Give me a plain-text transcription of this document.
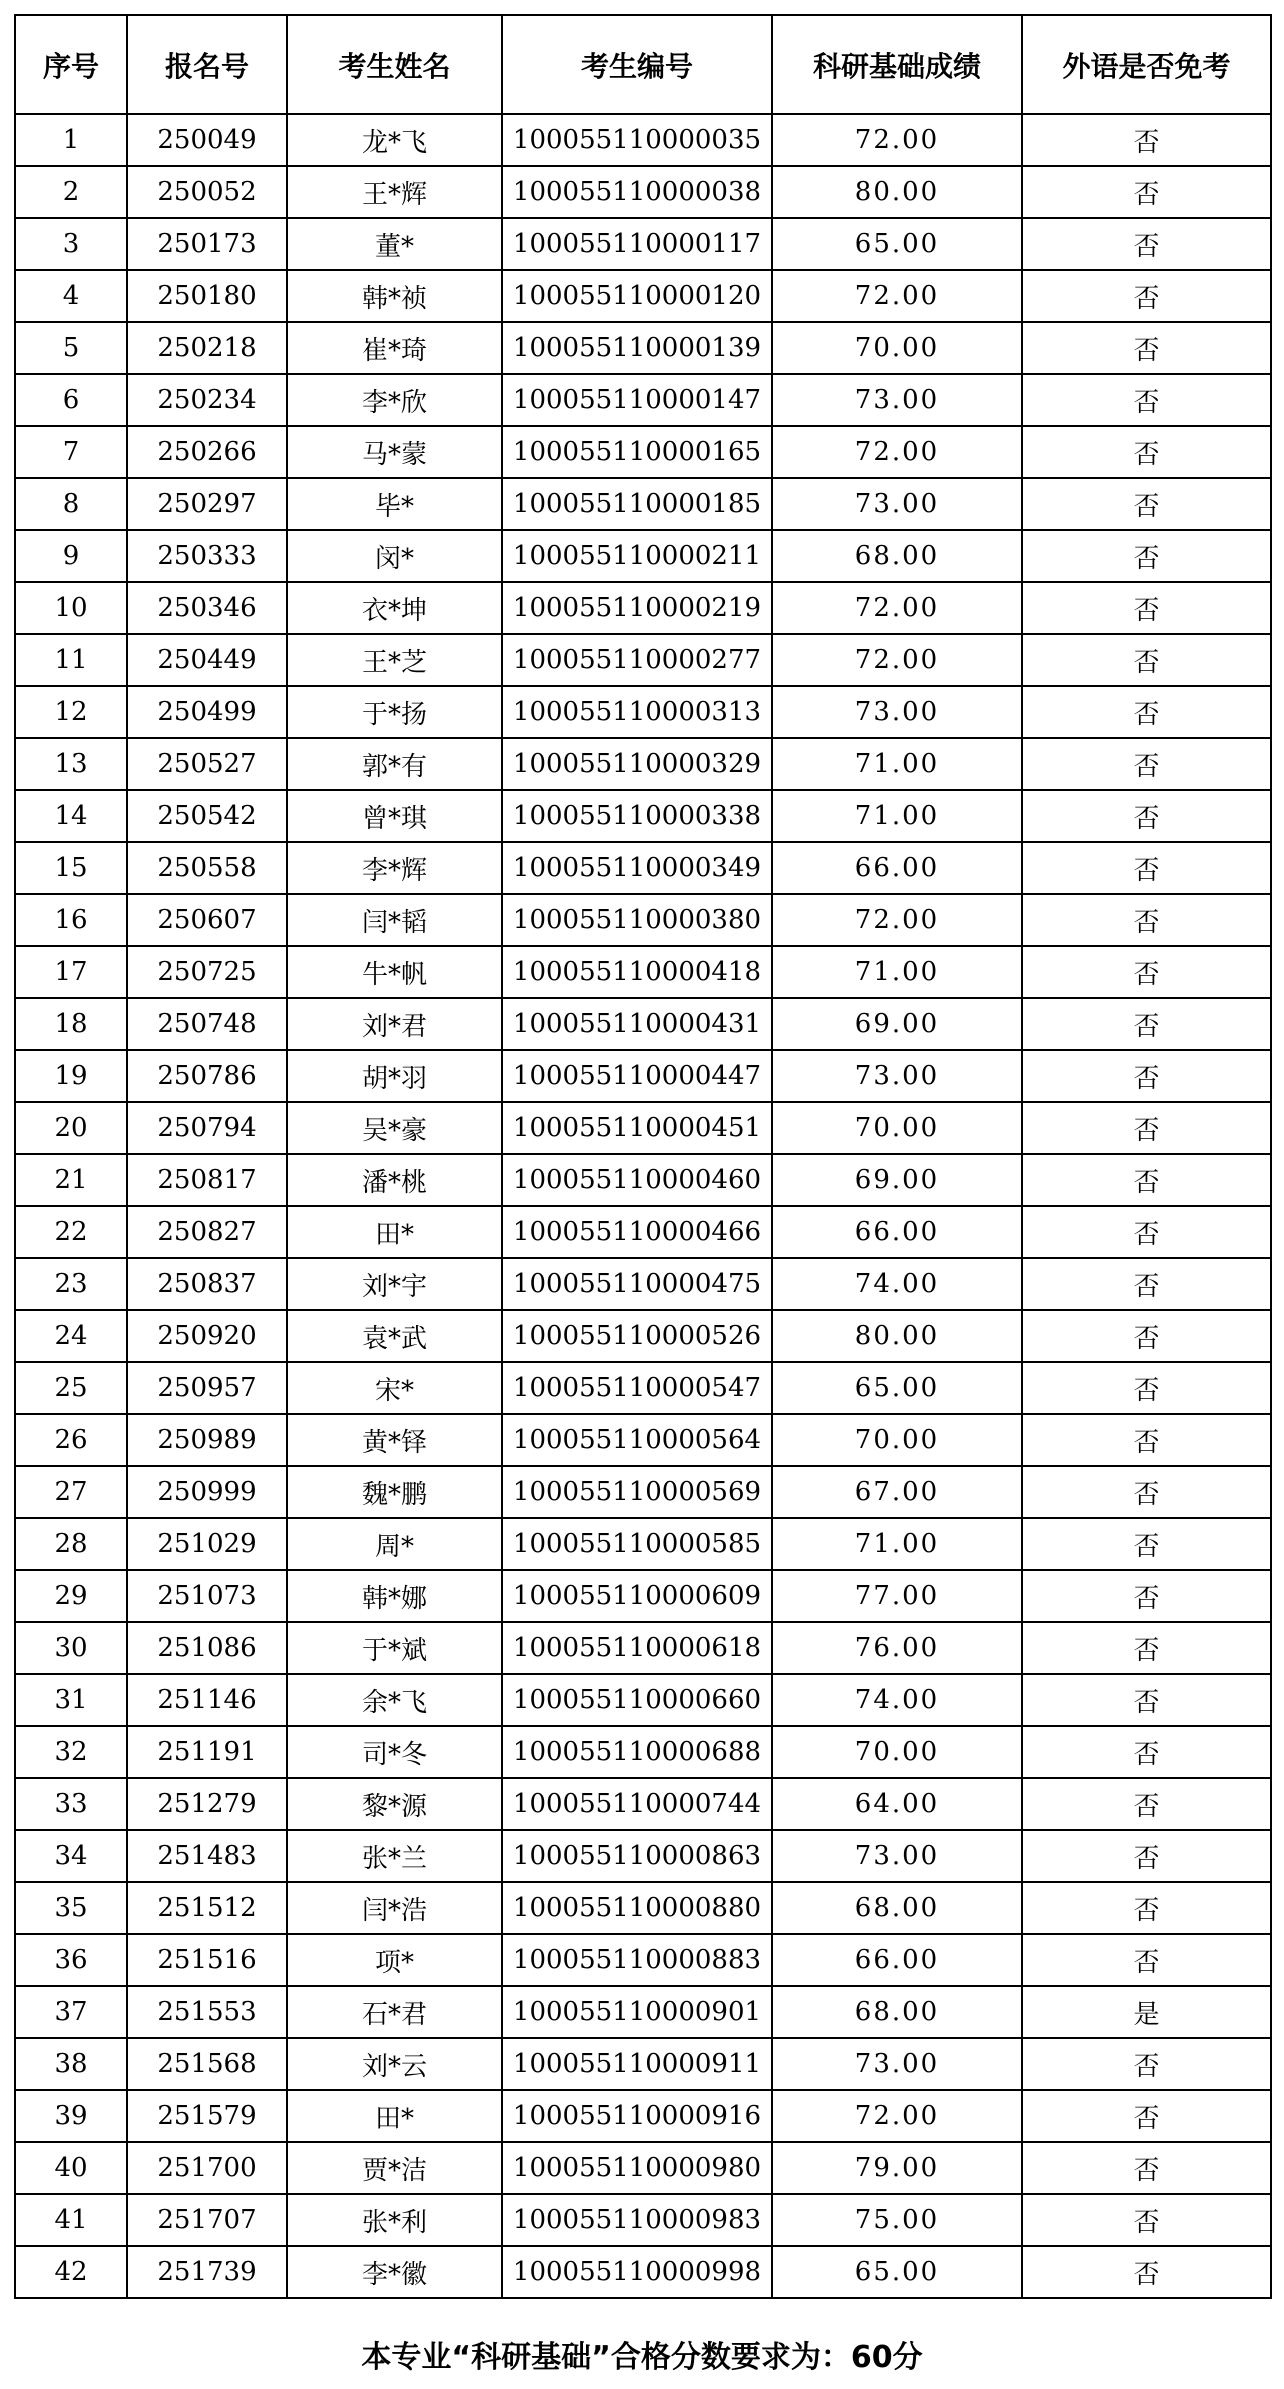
序号	报名号	考生姓名	考生编号	科研基础成绩	外语是否免考
1	250049	龙*飞	100055110000035	72.00	否
2	250052	王*辉	100055110000038	80.00	否
3	250173	董*	100055110000117	65.00	否
4	250180	韩*祯	100055110000120	72.00	否
5	250218	崔*琦	100055110000139	70.00	否
6	250234	李*欣	100055110000147	73.00	否
7	250266	马*蒙	100055110000165	72.00	否
8	250297	毕*	100055110000185	73.00	否
9	250333	闵*	100055110000211	68.00	否
10	250346	衣*坤	100055110000219	72.00	否
11	250449	王*芝	100055110000277	72.00	否
12	250499	于*扬	100055110000313	73.00	否
13	250527	郭*有	100055110000329	71.00	否
14	250542	曾*琪	100055110000338	71.00	否
15	250558	李*辉	100055110000349	66.00	否
16	250607	闫*韬	100055110000380	72.00	否
17	250725	牛*帆	100055110000418	71.00	否
18	250748	刘*君	100055110000431	69.00	否
19	250786	胡*羽	100055110000447	73.00	否
20	250794	吴*豪	100055110000451	70.00	否
21	250817	潘*桃	100055110000460	69.00	否
22	250827	田*	100055110000466	66.00	否
23	250837	刘*宇	100055110000475	74.00	否
24	250920	袁*武	100055110000526	80.00	否
25	250957	宋*	100055110000547	65.00	否
26	250989	黄*铎	100055110000564	70.00	否
27	250999	魏*鹏	100055110000569	67.00	否
28	251029	周*	100055110000585	71.00	否
29	251073	韩*娜	100055110000609	77.00	否
30	251086	于*斌	100055110000618	76.00	否
31	251146	余*飞	100055110000660	74.00	否
32	251191	司*冬	100055110000688	70.00	否
33	251279	黎*源	100055110000744	64.00	否
34	251483	张*兰	100055110000863	73.00	否
35	251512	闫*浩	100055110000880	68.00	否
36	251516	项*	100055110000883	66.00	否
37	251553	石*君	100055110000901	68.00	是
38	251568	刘*云	100055110000911	73.00	否
39	251579	田*	100055110000916	72.00	否
40	251700	贾*洁	100055110000980	79.00	否
41	251707	张*利	100055110000983	75.00	否
42	251739	李*徽	100055110000998	65.00	否
本专业“科研基础”合格分数要求为：60分
